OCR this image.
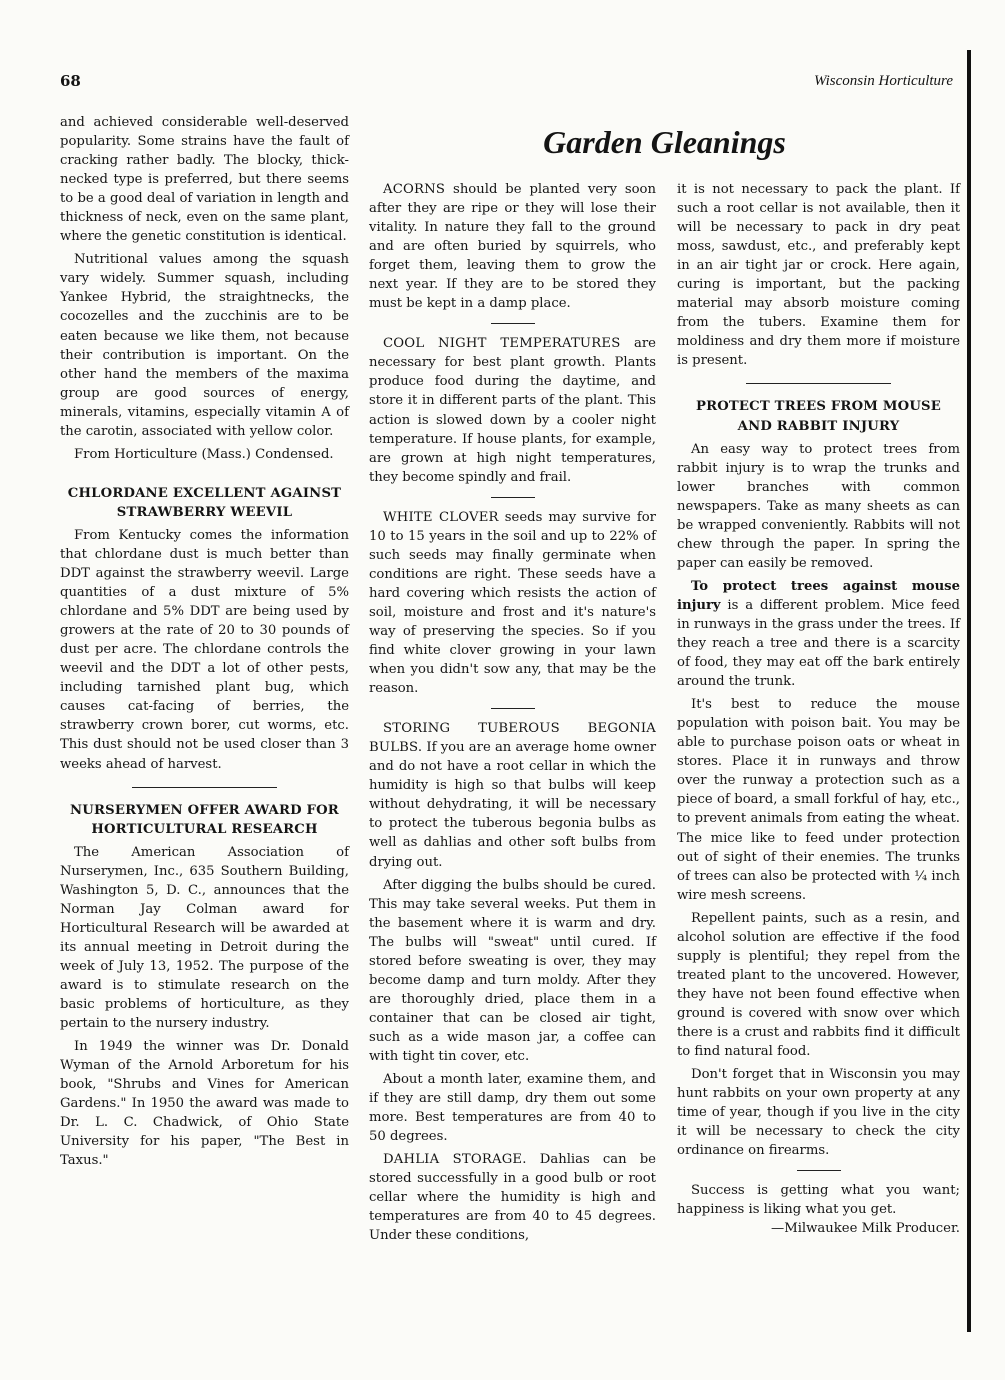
68	Wisconsin Horticulture
Garden Gleanings

and achieved considerable well-deserved popularity. Some strains have the fault of cracking rather badly. The blocky, thick-necked type is preferred, but there seems to be a good deal of variation in length and thickness of neck, even on the same plant, where the genetic constitution is identical.

Nutritional values among the squash vary widely. Summer squash, including Yankee Hybrid, the straightnecks, the cocozelles and the zucchinis are to be eaten because we like them, not because their contribution is important. On the other hand the members of the maxima group are good sources of energy, minerals, vitamins, especially vitamin A of the carotin, associated with yellow color.

From Horticulture (Mass.) Condensed.

CHLORDANE EXCELLENT AGAINST STRAWBERRY WEEVIL

From Kentucky comes the information that chlordane dust is much better than DDT against the strawberry weevil. Large quantities of a dust mixture of 5% chlordane and 5% DDT are being used by growers at the rate of 20 to 30 pounds of dust per acre. The chlordane controls the weevil and the DDT a lot of other pests, including tarnished plant bug, which causes cat-facing of berries, the strawberry crown borer, cut worms, etc. This dust should not be used closer than 3 weeks ahead of harvest.

NURSERYMEN OFFER AWARD FOR HORTICULTURAL RESEARCH

The American Association of Nurserymen, Inc., 635 Southern Building, Washington 5, D. C., announces that the Norman Jay Colman award for Horticultural Research will be awarded at its annual meeting in Detroit during the week of July 13, 1952. The purpose of the award is to stimulate research on the basic problems of horticulture, as they pertain to the nursery industry.

In 1949 the winner was Dr. Donald Wyman of the Arnold Arboretum for his book, "Shrubs and Vines for American Gardens." In 1950 the award was made to Dr. L. C. Chadwick, of Ohio State University for his paper, "The Best in Taxus."

ACORNS should be planted very soon after they are ripe or they will lose their vitality. In nature they fall to the ground and are often buried by squirrels, who forget them, leaving them to grow the next year. If they are to be stored they must be kept in a damp place.

COOL NIGHT TEMPERATURES are necessary for best plant growth. Plants produce food during the daytime, and store it in different parts of the plant. This action is slowed down by a cooler night temperature. If house plants, for example, are grown at high night temperatures, they become spindly and frail.

WHITE CLOVER seeds may survive for 10 to 15 years in the soil and up to 22% of such seeds may finally germinate when conditions are right. These seeds have a hard covering which resists the action of soil, moisture and frost and it's nature's way of preserving the species. So if you find white clover growing in your lawn when you didn't sow any, that may be the reason.

STORING TUBEROUS BEGONIA BULBS. If you are an average home owner and do not have a root cellar in which the humidity is high so that bulbs will keep without dehydrating, it will be necessary to protect the tuberous begonia bulbs as well as dahlias and other soft bulbs from drying out.

After digging the bulbs should be cured. This may take several weeks. Put them in the basement where it is warm and dry. The bulbs will "sweat" until cured. If stored before sweating is over, they may become damp and turn moldy. After they are thoroughly dried, place them in a container that can be closed air tight, such as a wide mason jar, a coffee can with tight tin cover, etc.

About a month later, examine them, and if they are still damp, dry them out some more. Best temperatures are from 40 to 50 degrees.

DAHLIA STORAGE. Dahlias can be stored successfully in a good bulb or root cellar where the humidity is high and temperatures are from 40 to 45 degrees. Under these conditions,

it is not necessary to pack the plant. If such a root cellar is not available, then it will be necessary to pack in dry peat moss, sawdust, etc., and preferably kept in an air tight jar or crock. Here again, curing is important, but the packing material may absorb moisture coming from the tubers. Examine them for moldiness and dry them more if moisture is present.

PROTECT TREES FROM MOUSE AND RABBIT INJURY

An easy way to protect trees from rabbit injury is to wrap the trunks and lower branches with common newspapers. Take as many sheets as can be wrapped conveniently. Rabbits will not chew through the paper. In spring the paper can easily be removed.

To protect trees against mouse injury is a different problem. Mice feed in runways in the grass under the trees. If they reach a tree and there is a scarcity of food, they may eat off the bark entirely around the trunk.

It's best to reduce the mouse population with poison bait. You may be able to purchase poison oats or wheat in stores. Place it in runways and throw over the runway a protection such as a piece of board, a small forkful of hay, etc., to prevent animals from eating the wheat. The mice like to feed under protection out of sight of their enemies. The trunks of trees can also be protected with ¼ inch wire mesh screens.

Repellent paints, such as a resin, and alcohol solution are effective if the food supply is plentiful; they repel from the treated plant to the uncovered. However, they have not been found effective when ground is covered with snow over which there is a crust and rabbits find it difficult to find natural food.

Don't forget that in Wisconsin you may hunt rabbits on your own property at any time of year, though if you live in the city it will be necessary to check the city ordinance on firearms.

Success is getting what you want; happiness is liking what you get.

—Milwaukee Milk Producer.
